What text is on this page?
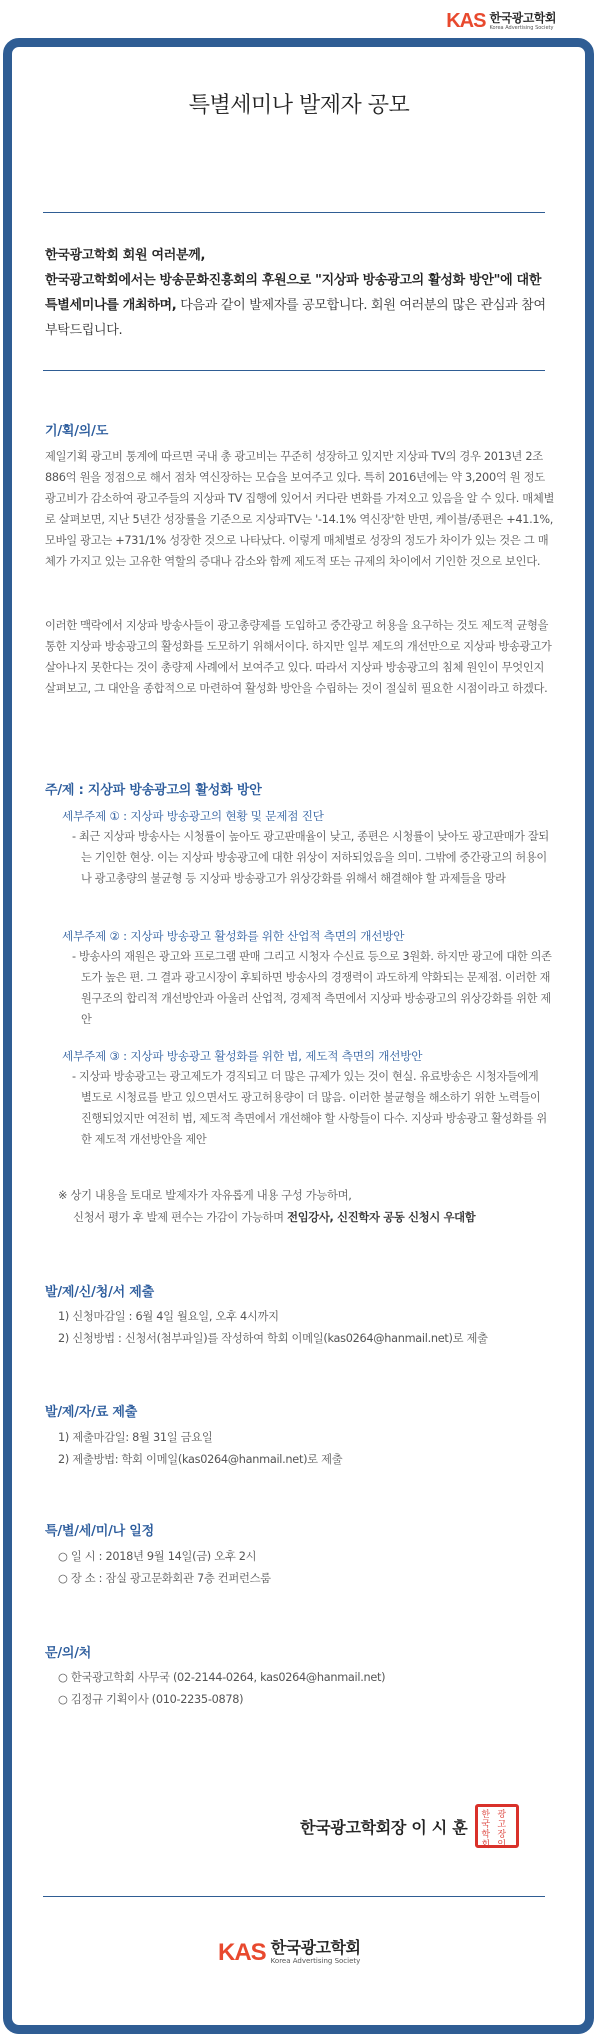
KAS 한국광고학회
Korea Advertising Society
특별세미나 발제자 공모
한국광고학회 회원 여러분께,
한국광고학회에서는 방송문화진흥회의 후원으로 "지상파 방송광고의 활성화 방안"에 대한 특별세미나를 개최하며, 다음과 같이 발제자를 공모합니다. 회원 여러분의 많은 관심과 참여 부탁드립니다.
기/획/의/도
제일기획 광고비 통계에 따르면 국내 총 광고비는 꾸준히 성장하고 있지만 지상파 TV의 경우 2013년 2조 886억 원을 정점으로 해서 점차 역신장하는 모습을 보여주고 있다. 특히 2016년에는 약 3,200억 원 정도 광고비가 감소하여 광고주들의 지상파 TV 집행에 있어서 커다란 변화를 가져오고 있음을 알 수 있다. 매체별로 살펴보면, 지난 5년간 성장률을 기준으로 지상파TV는 '-14.1% 역신장'한 반면, 케이블/종편은 +41.1%, 모바일 광고는 +731/1% 성장한 것으로 나타났다. 이렇게 매체별로 성장의 정도가 차이가 있는 것은 그 매체가 가지고 있는 고유한 역할의 증대나 감소와 함께 제도적 또는 규제의 차이에서 기인한 것으로 보인다.
이러한 맥락에서 지상파 방송사들이 광고총량제를 도입하고 중간광고 허용을 요구하는 것도 제도적 균형을 통한 지상파 방송광고의 활성화를 도모하기 위해서이다. 하지만 일부 제도의 개선만으로 지상파 방송광고가 살아나지 못한다는 것이 총량제 사례에서 보여주고 있다. 따라서 지상파 방송광고의 침체 원인이 무엇인지 살펴보고, 그 대안을 종합적으로 마련하여 활성화 방안을 수립하는 것이 절실히 필요한 시점이라고 하겠다.
주/제 : 지상파 방송광고의 활성화 방안
세부주제 ① : 지상파 방송광고의 현황 및 문제점 진단
- 최근 지상파 방송사는 시청률이 높아도 광고판매율이 낮고, 종편은 시청률이 낮아도 광고판매가 잘되는 기인한 현상. 이는 지상파 방송광고에 대한 위상이 저하되었음을 의미. 그밖에 중간광고의 허용이나 광고총량의 불균형 등 지상파 방송광고가 위상강화를 위해서 해결해야 할 과제들을 망라
세부주제 ② : 지상파 방송광고 활성화를 위한 산업적 측면의 개선방안
- 방송사의 재원은 광고와 프로그램 판매 그리고 시청자 수신료 등으로 3원화. 하지만 광고에 대한 의존도가 높은 편. 그 결과 광고시장이 후퇴하면 방송사의 경쟁력이 과도하게 약화되는 문제점. 이러한 재원구조의 합리적 개선방안과 아울러 산업적, 경제적 측면에서 지상파 방송광고의 위상강화를 위한 제안
세부주제 ③ : 지상파 방송광고 활성화를 위한 법, 제도적 측면의 개선방안
- 지상파 방송광고는 광고제도가 경직되고 더 많은 규제가 있는 것이 현실. 유료방송은 시청자들에게 별도로 시청료를 받고 있으면서도 광고허용량이 더 많음. 이러한 불균형을 해소하기 위한 노력들이 진행되었지만 여전히 법, 제도적 측면에서 개선해야 할 사항들이 다수. 지상파 방송광고 활성화를 위한 제도적 개선방안을 제안
※ 상기 내용을 토대로 발제자가 자유롭게 내용 구성 가능하며,
신청서 평가 후 발제 편수는 가감이 가능하며 전임강사, 신진학자 공동 신청시 우대함
발/제/신/청/서 제출
1) 신청마감일 : 6월 4일 월요일, 오후 4시까지
2) 신청방법 : 신청서(첨부파일)를 작성하여 학회 이메일(kas0264@hanmail.net)로 제출
발/제/자/료 제출
1) 제출마감일: 8월 31일 금요일
2) 제출방법: 학회 이메일(kas0264@hanmail.net)로 제출
특/별/세/미/나 일정
○ 일 시 : 2018년 9월 14일(금) 오후 2시
○ 장 소 : 잠실 광고문화회관 7층 컨퍼런스룸
문/의/처
○ 한국광고학회 사무국 (02-2144-0264, kas0264@hanmail.net)
○ 김정규 기획이사 (010-2235-0878)
한국광고학회장 이 시 훈
한국
광고
학회
장인
KAS 한국광고학회
Korea Advertising Society
